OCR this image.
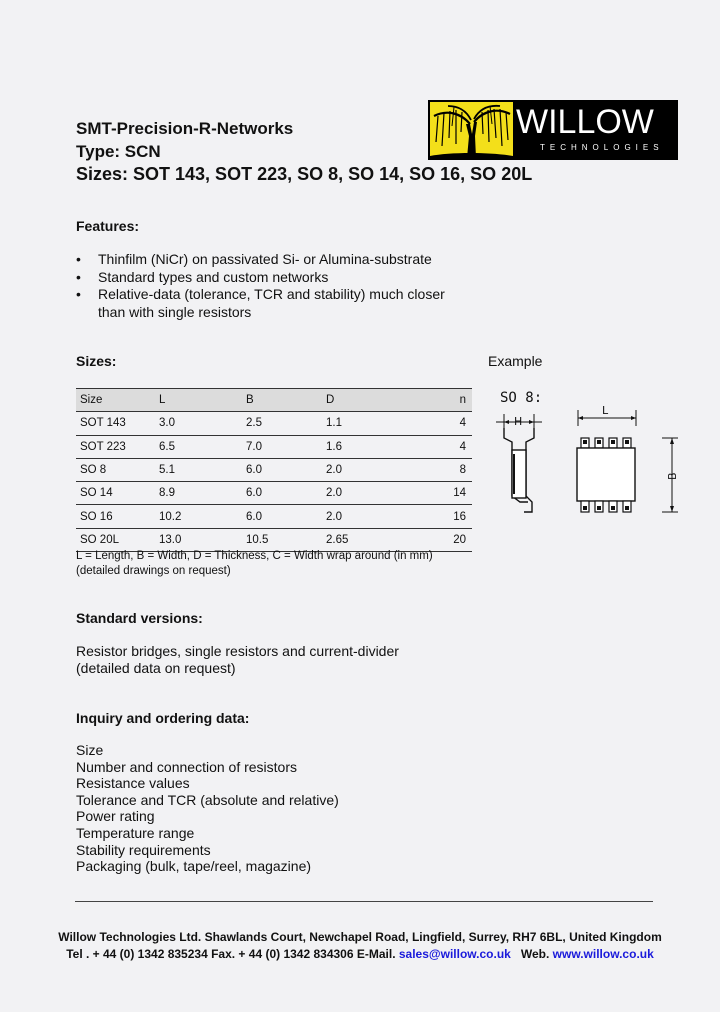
SMT-Precision-R-Networks
Type: SCN
Sizes: SOT 143, SOT 223, SO 8, SO 14, SO 16, SO 20L
WILLOW
TECHNOLOGIES
Features:
• Thinfilm (NiCr) on passivated Si- or Alumina-substrate
• Standard types and custom networks
• Relative-data (tolerance, TCR and stability) much closer
than with single resistors
Sizes:	Example
Size	L	B	D	n
SOT 143	3.0	2.5	1.1	4
SOT 223	6.5	7.0	1.6	4
SO 8	5.1	6.0	2.0	8
SO 14	8.9	6.0	2.0	14
SO 16	10.2	6.0	2.0	16
SO 20L	13.0	10.5	2.65	20
L = Length, B = Width, D = Thickness, C = Width wrap around (in mm)
(detailed drawings on request)
SO 8:
H
L
B
Standard versions:
Resistor bridges, single resistors and current-divider
(detailed data on request)
Inquiry and ordering data:
Size
Number and connection of resistors
Resistance values
Tolerance and TCR (absolute and relative)
Power rating
Temperature range
Stability requirements
Packaging (bulk, tape/reel, magazine)
Willow Technologies Ltd. Shawlands Court, Newchapel Road, Lingfield, Surrey, RH7 6BL, United Kingdom
Tel . + 44 (0) 1342 835234 Fax. + 44 (0) 1342 834306 E-Mail. sales@willow.co.uk Web. www.willow.co.uk
